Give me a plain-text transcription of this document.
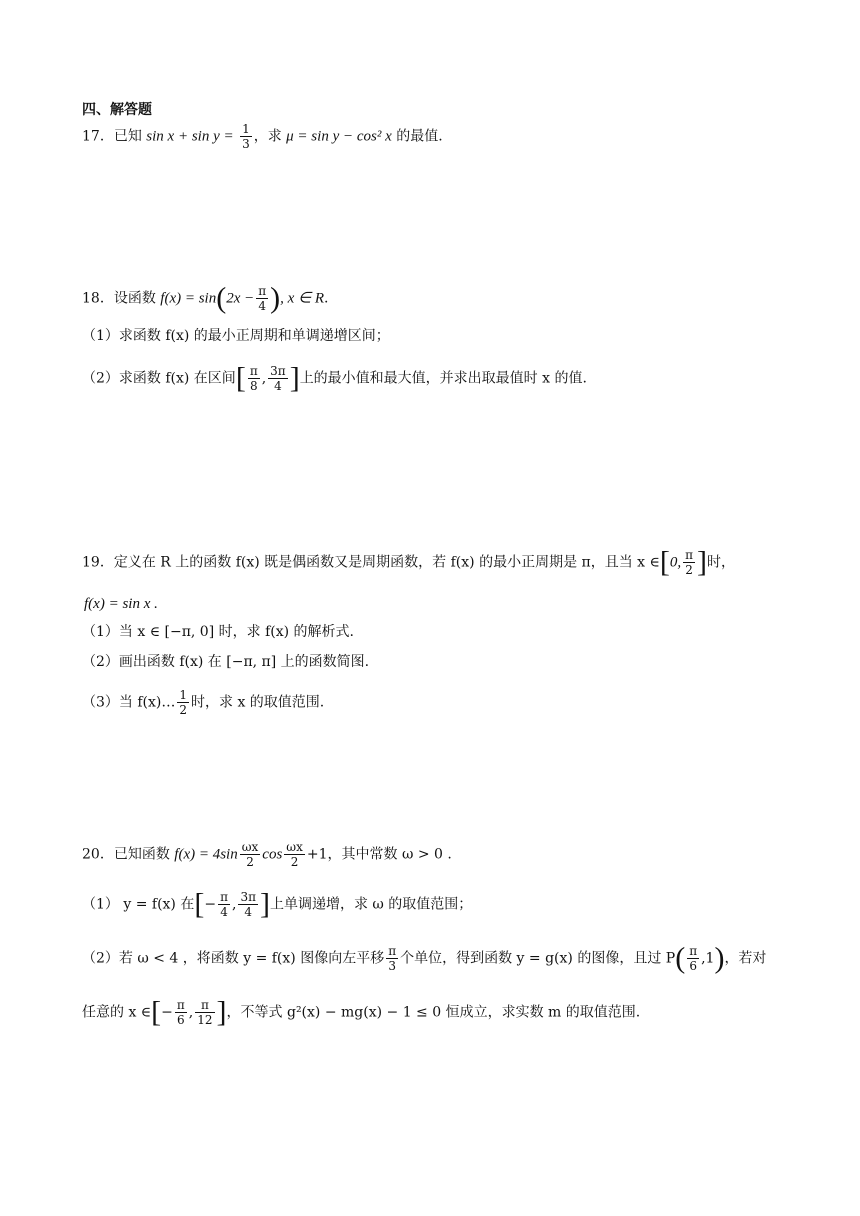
四、解答题
17．已知 $\sin x + \sin y = \frac{1}{3}$ ，求 μ = sin y − cos² x 的最值.
18．设函数 $f(x) = \sin(2x - \frac{\pi}{4}$ ), x ∈ R.
（1）求函数 f(x) 的最小正周期和单调递增区间；
（2）求函数 f(x) 在区间[ $\frac{\pi}{8}$ , $\frac{3\pi}{4}$ ]上的最小值和最大值，并求出取最值时 x 的值.
19．定义在 R 上的函数 f(x) 既是偶函数又是周期函数，若 f(x) 的最小正周期是 π，且当 x ∈[0, $\frac{\pi}{2}$ ]时，
f(x) = sin x .
（1）当 x ∈ [−π, 0] 时，求 f(x) 的解析式.
（2）画出函数 f(x) 在 [−π, π] 上的函数简图.
（3）当 f(x)… $\frac{1}{2}$ 时，求 x 的取值范围.
20．已知函数 $f(x) = 4\sin \frac{\omega x}{2}$ $\cos \frac{\omega x}{2} +1$，其中常数 ω > 0 .
（1） y = f(x) 在[− $\frac{\pi}{4}$ , $\frac{3\pi}{4}$ ]上单调递增，求 ω 的取值范围；
（2）若 ω < 4 ，将函数 y = f(x) 图像向左平移 $\frac{\pi}{3}$ 个单位，得到函数 y = g(x) 的图像，且过 $P( \frac{\pi}{6} ,1)$，若对
任意的 x ∈[− $\frac{\pi}{6}$ , $\frac{\pi}{12}$ ]，不等式 g²(x) − mg(x) − 1 ≤ 0 恒成立，求实数 m 的取值范围.
